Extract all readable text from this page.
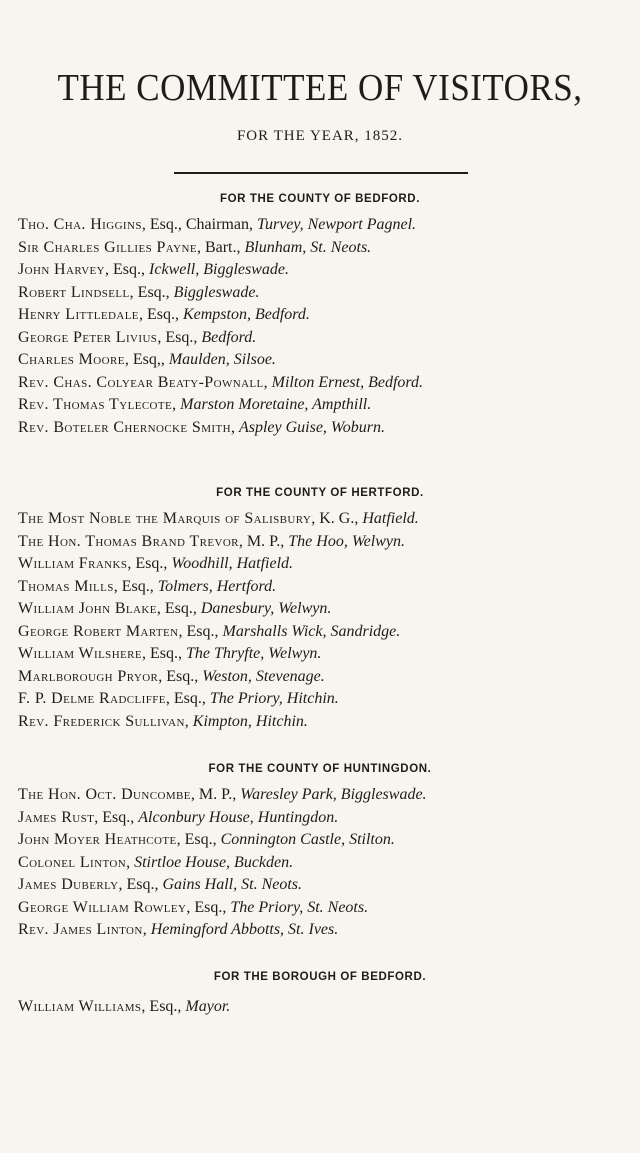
THE COMMITTEE OF VISITORS,
FOR THE YEAR, 1852.
FOR THE COUNTY OF BEDFORD.
Tho. Cha. Higgins, Esq., Chairman, Turvey, Newport Pagnel.
Sir Charles Gillies Payne, Bart., Blunham, St. Neots.
John Harvey, Esq., Ickwell, Biggleswade.
Robert Lindsell, Esq., Biggleswade.
Henry Littledale, Esq., Kempston, Bedford.
George Peter Livius, Esq., Bedford.
Charles Moore, Esq,, Maulden, Silsoe.
Rev. Chas. Colyear Beaty-Pownall, Milton Ernest, Bedford.
Rev. Thomas Tylecote, Marston Moretaine, Ampthill.
Rev. Boteler Chernocke Smith, Aspley Guise, Woburn.
FOR THE COUNTY OF HERTFORD.
The Most Noble the Marquis of Salisbury, K. G., Hatfield.
The Hon. Thomas Brand Trevor, M. P., The Hoo, Welwyn.
William Franks, Esq., Woodhill, Hatfield.
Thomas Mills, Esq., Tolmers, Hertford.
William John Blake, Esq., Danesbury, Welwyn.
George Robert Marten, Esq., Marshalls Wick, Sandridge.
William Wilshere, Esq., The Thryfte, Welwyn.
Marlborough Pryor, Esq., Weston, Stevenage.
F. P. Delme Radcliffe, Esq., The Priory, Hitchin.
Rev. Frederick Sullivan, Kimpton, Hitchin.
FOR THE COUNTY OF HUNTINGDON.
The Hon. Oct. Duncombe, M. P., Waresley Park, Biggleswade.
James Rust, Esq., Alconbury House, Huntingdon.
John Moyer Heathcote, Esq., Connington Castle, Stilton.
Colonel Linton, Stirtloe House, Buckden.
James Duberly, Esq., Gains Hall, St. Neots.
George William Rowley, Esq., The Priory, St. Neots.
Rev. James Linton, Hemingford Abbotts, St. Ives.
FOR THE BOROUGH OF BEDFORD.
William Williams, Esq., Mayor.
